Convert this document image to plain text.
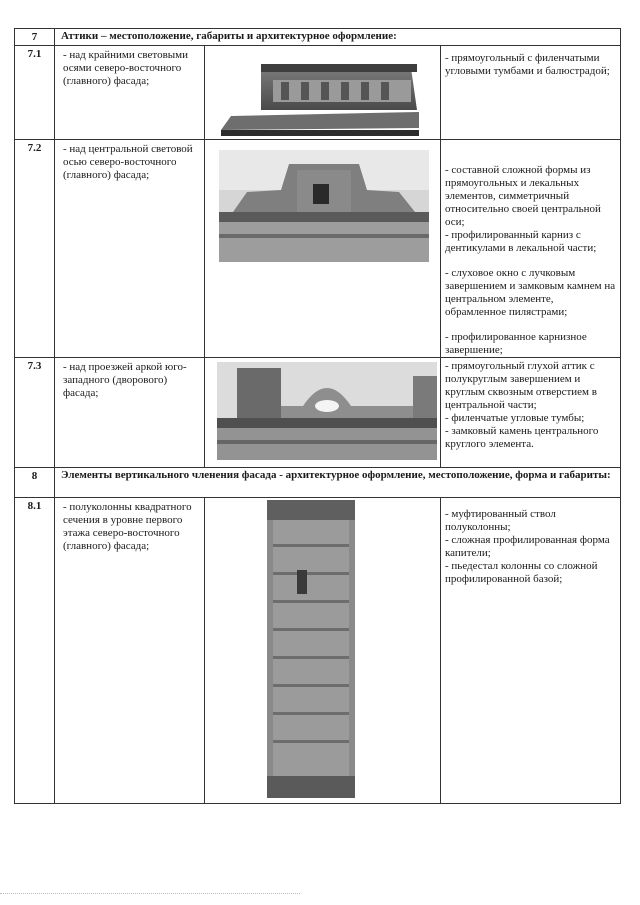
7	Аттики – местоположение, габариты и архитектурное оформление:		

7.1	- над крайними световыми осями северо-восточного (главного) фасада;		- прямоугольный с филенчатыми угловыми тумбами и балюстрадой;

7.2	- над центральной световой осью северо-восточного (главного) фасада;		- составной сложной формы из прямоугольных и лекальных элементов, симметричный относительно своей центральной оси;

- профилированный карниз с дентикулами в лекальной части;

- слуховое окно с лучковым завершением и замковым камнем на центральном элементе, обрамленное пилястрами;

- профилированное карнизное завершение;

7.3	- над проезжей аркой юго-западного (дворового) фасада;		- прямоугольный глухой аттик с полукруглым завершением и круглым сквозным отверстием в центральной части;

- филенчатые угловые тумбы;

- замковый камень центрального круглого элемента.

8	Элементы вертикального членения фасада - архитектурное оформление, местоположение, форма и габариты:		

8.1	- полуколонны квадратного сечения в уровне первого этажа северо-восточного (главного) фасада;		- муфтированный ствол полуколонны;

- сложная профилированная форма капители;

- пьедестал колонны со сложной профилированной базой;
